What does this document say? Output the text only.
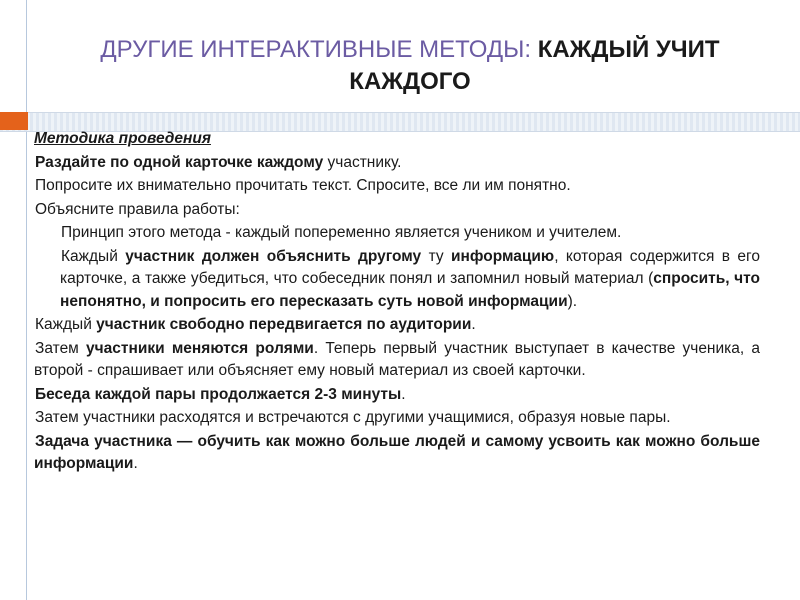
ДРУГИЕ ИНТЕРАКТИВНЫЕ МЕТОДЫ: КАЖДЫЙ УЧИТ
КАЖДОГО

Методика проведения

Раздайте по одной карточке каждому участнику.

Попросите их внимательно прочитать текст. Спросите, все ли им понятно.

Объясните правила работы:

Принцип этого метода - каждый попеременно является учеником и учителем.

Каждый участник должен объяснить другому ту информацию, которая содержится в его карточке, а также убедиться, что собеседник понял и запомнил новый материал (спросить, что непонятно, и попросить его пересказать суть новой информации).

Каждый участник свободно передвигается по аудитории.

Затем участники меняются ролями. Теперь первый участник выступает в качестве ученика, а второй - спрашивает или объясняет ему новый материал из своей карточки.

Беседа каждой пары продолжается 2-3 минуты.

Затем участники расходятся и встречаются с другими учащимися, образуя новые пары.

Задача участника — обучить как можно больше людей и самому усвоить как можно больше информации.
